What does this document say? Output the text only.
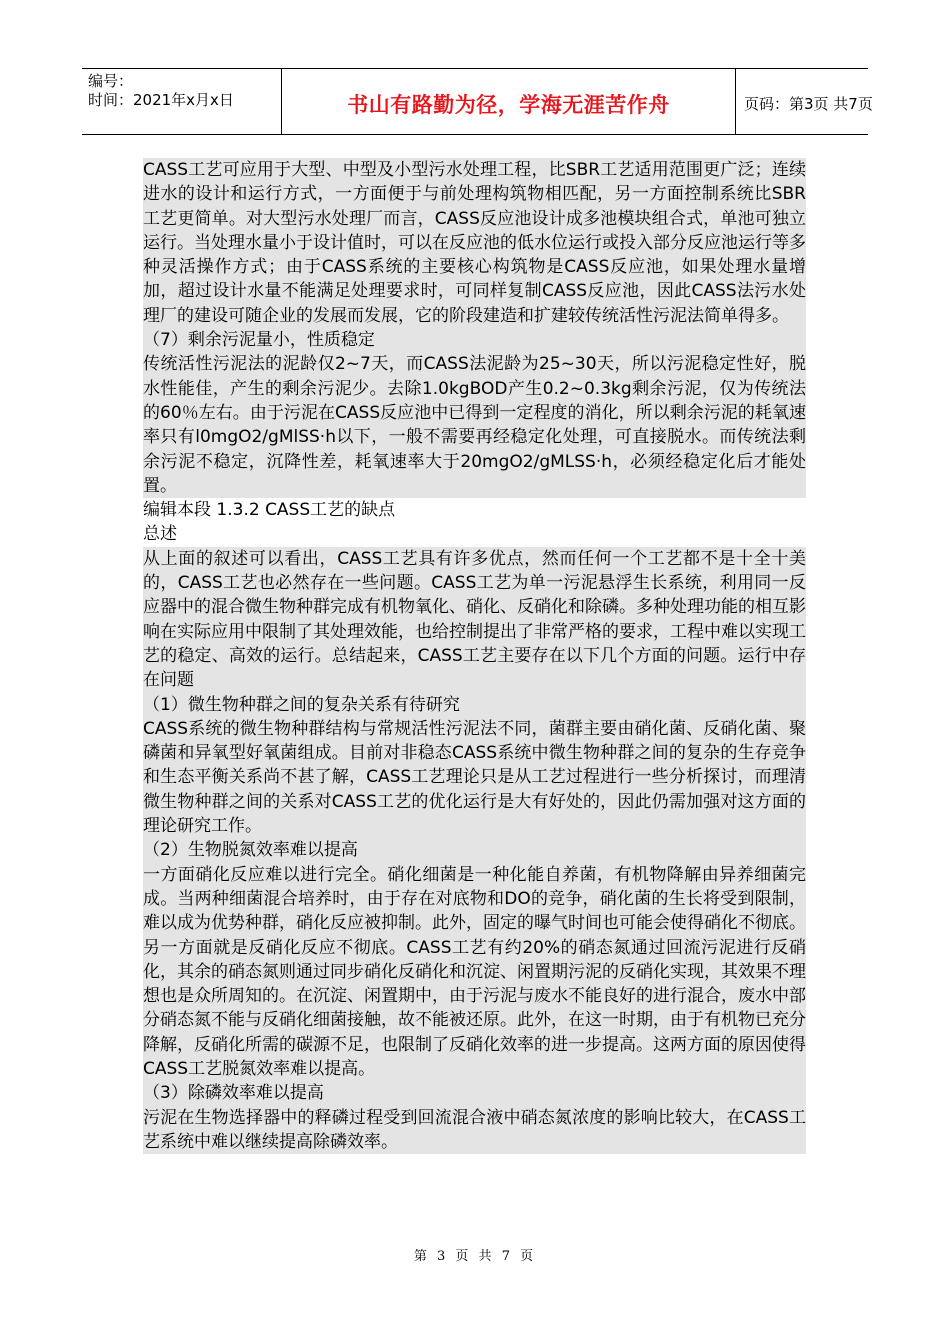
编号：
时间：2021年x月x日	书山有路勤为径，学海无涯苦作舟	页码：第3页 共7页

CASS工艺可应用于大型、中型及小型污水处理工程，比SBR工艺适用范围更广泛；连续进水的设计和运行方式，一方面便于与前处理构筑物相匹配，另一方面控制系统比SBR工艺更简单。对大型污水处理厂而言，CASS反应池设计成多池模块组合式，单池可独立运行。当处理水量小于设计值时，可以在反应池的低水位运行或投入部分反应池运行等多种灵活操作方式；由于CASS系统的主要核心构筑物是CASS反应池，如果处理水量增加，超过设计水量不能满足处理要求时，可同样复制CASS反应池，因此CASS法污水处理厂的建设可随企业的发展而发展，它的阶段建造和扩建较传统活性污泥法简单得多。

（7）剩余污泥量小，性质稳定

传统活性污泥法的泥龄仅2~7天，而CASS法泥龄为25~30天，所以污泥稳定性好，脱水性能佳，产生的剩余污泥少。去除1.0kgBOD产生0.2~0.3kg剩余污泥，仅为传统法的60％左右。由于污泥在CASS反应池中已得到一定程度的消化，所以剩余污泥的耗氧速率只有l0mgO2/gMlSS·h以下，一般不需要再经稳定化处理，可直接脱水。而传统法剩余污泥不稳定，沉降性差，耗氧速率大于20mgO2/gMLSS·h，必须经稳定化后才能处置。

编辑本段 1.3.2 CASS工艺的缺点

总述

从上面的叙述可以看出，CASS工艺具有许多优点，然而任何一个工艺都不是十全十美的，CASS工艺也必然存在一些问题。CASS工艺为单一污泥悬浮生长系统，利用同一反应器中的混合微生物种群完成有机物氧化、硝化、反硝化和除磷。多种处理功能的相互影响在实际应用中限制了其处理效能，也给控制提出了非常严格的要求，工程中难以实现工艺的稳定、高效的运行。总结起来，CASS工艺主要存在以下几个方面的问题。运行中存在问题

（1）微生物种群之间的复杂关系有待研究

CASS系统的微生物种群结构与常规活性污泥法不同，菌群主要由硝化菌、反硝化菌、聚磷菌和异氧型好氧菌组成。目前对非稳态CASS系统中微生物种群之间的复杂的生存竞争和生态平衡关系尚不甚了解，CASS工艺理论只是从工艺过程进行一些分析探讨，而理清微生物种群之间的关系对CASS工艺的优化运行是大有好处的，因此仍需加强对这方面的理论研究工作。

（2）生物脱氮效率难以提高

一方面硝化反应难以进行完全。硝化细菌是一种化能自养菌，有机物降解由异养细菌完成。当两种细菌混合培养时，由于存在对底物和DO的竞争，硝化菌的生长将受到限制，难以成为优势种群，硝化反应被抑制。此外，固定的曝气时间也可能会使得硝化不彻底。另一方面就是反硝化反应不彻底。CASS工艺有约20%的硝态氮通过回流污泥进行反硝化，其余的硝态氮则通过同步硝化反硝化和沉淀、闲置期污泥的反硝化实现，其效果不理想也是众所周知的。在沉淀、闲置期中，由于污泥与废水不能良好的进行混合，废水中部分硝态氮不能与反硝化细菌接触，故不能被还原。此外，在这一时期，由于有机物已充分降解，反硝化所需的碳源不足，也限制了反硝化效率的进一步提高。这两方面的原因使得CASS工艺脱氮效率难以提高。

（3）除磷效率难以提高

污泥在生物选择器中的释磷过程受到回流混合液中硝态氮浓度的影响比较大，在CASS工艺系统中难以继续提高除磷效率。

第 3 页 共 7 页
